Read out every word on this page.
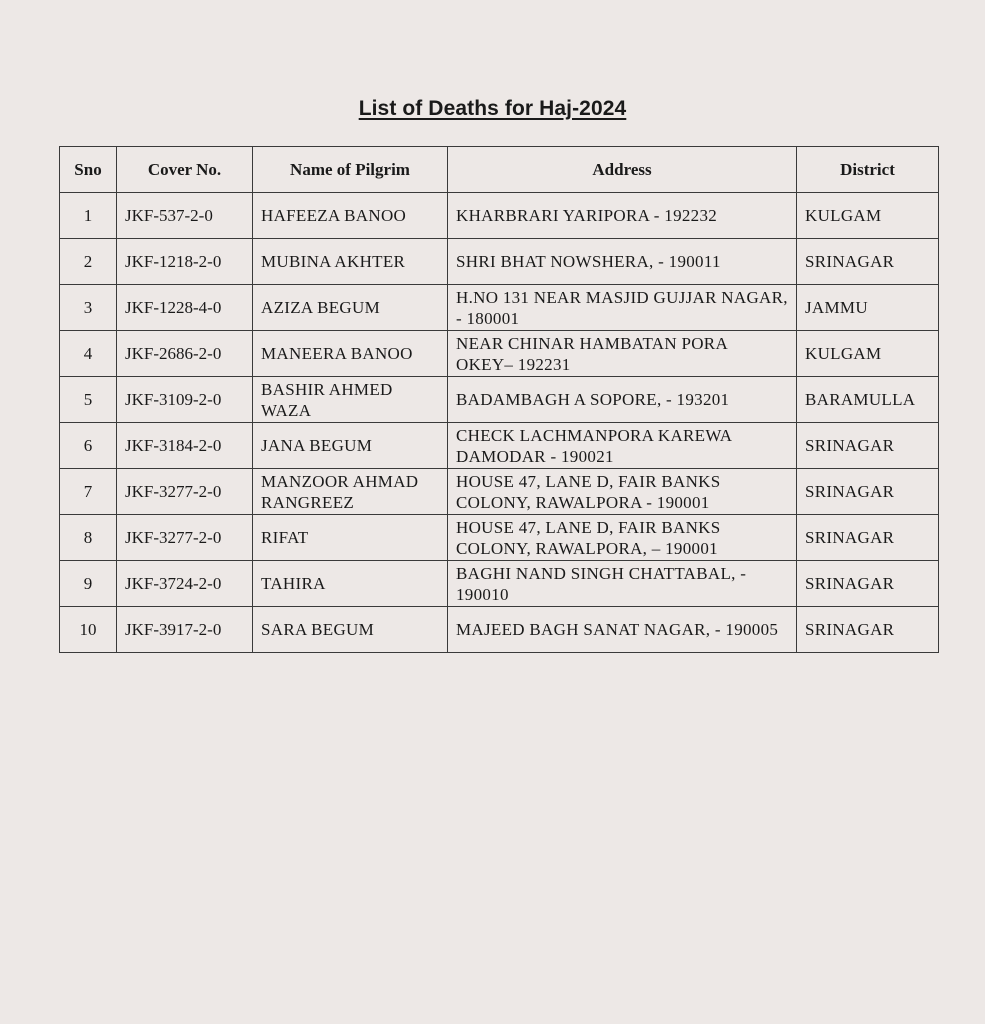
List of Deaths for Haj-2024
Sno	Cover No.	Name of Pilgrim	Address	District
1	JKF-537-2-0	HAFEEZA BANOO	KHARBRARI YARIPORA - 192232	KULGAM
2	JKF-1218-2-0	MUBINA AKHTER	SHRI BHAT NOWSHERA, - 190011	SRINAGAR
3	JKF-1228-4-0	AZIZA BEGUM	H.NO 131 NEAR MASJID GUJJAR NAGAR, - 180001	JAMMU
4	JKF-2686-2-0	MANEERA BANOO	NEAR CHINAR HAMBATAN PORA OKEY– 192231	KULGAM
5	JKF-3109-2-0	BASHIR AHMED WAZA	BADAMBAGH A SOPORE, - 193201	BARAMULLA
6	JKF-3184-2-0	JANA BEGUM	CHECK LACHMANPORA KAREWA DAMODAR - 190021	SRINAGAR
7	JKF-3277-2-0	MANZOOR AHMAD RANGREEZ	HOUSE 47, LANE D, FAIR BANKS COLONY, RAWALPORA - 190001	SRINAGAR
8	JKF-3277-2-0	RIFAT	HOUSE 47, LANE D, FAIR BANKS COLONY, RAWALPORA, – 190001	SRINAGAR
9	JKF-3724-2-0	TAHIRA	BAGHI NAND SINGH CHATTABAL, - 190010	SRINAGAR
10	JKF-3917-2-0	SARA BEGUM	MAJEED BAGH SANAT NAGAR, - 190005	SRINAGAR
